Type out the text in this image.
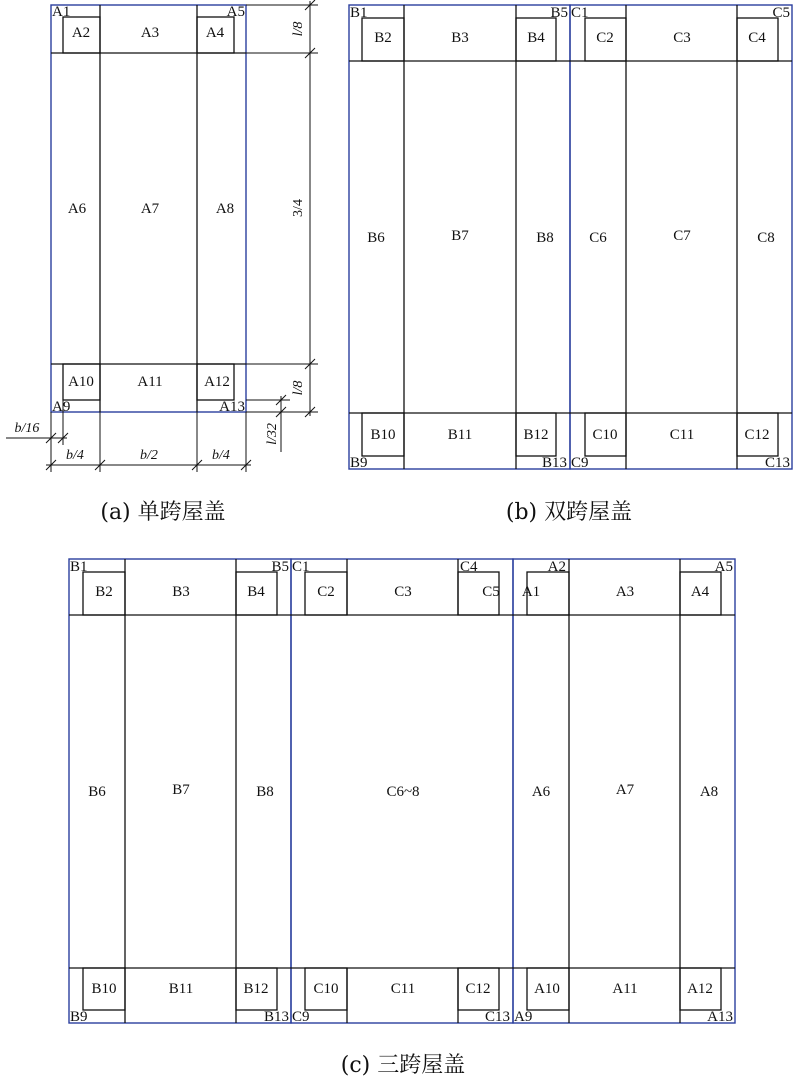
A1
A2	A3	A4
A5
A6	A7	A8
A9
A10	A11	A12
A13
l/8
3/4
l/8
l/32
b/4	b/2	b/4
b/16
(a) 单跨屋盖
B1
B2	B3	B4
B5
B6	B7	B8
B9
B10	B11	B12
B13
C1
C2	C3	C4
C5
C6	C7	C8
C9
C10	C11	C12
C13
(b) 双跨屋盖
B1
B2	B3	B4
B5
B6	B7	B8
B9
B10	B11	B12
B13
C1
C2	C3
C4
C5
C6~8
C9
C10	C11	C12
C13
A1
A2
A3	A4
A5
A6	A7	A8
A9
A10	A11	A12
A13
(c) 三跨屋盖
